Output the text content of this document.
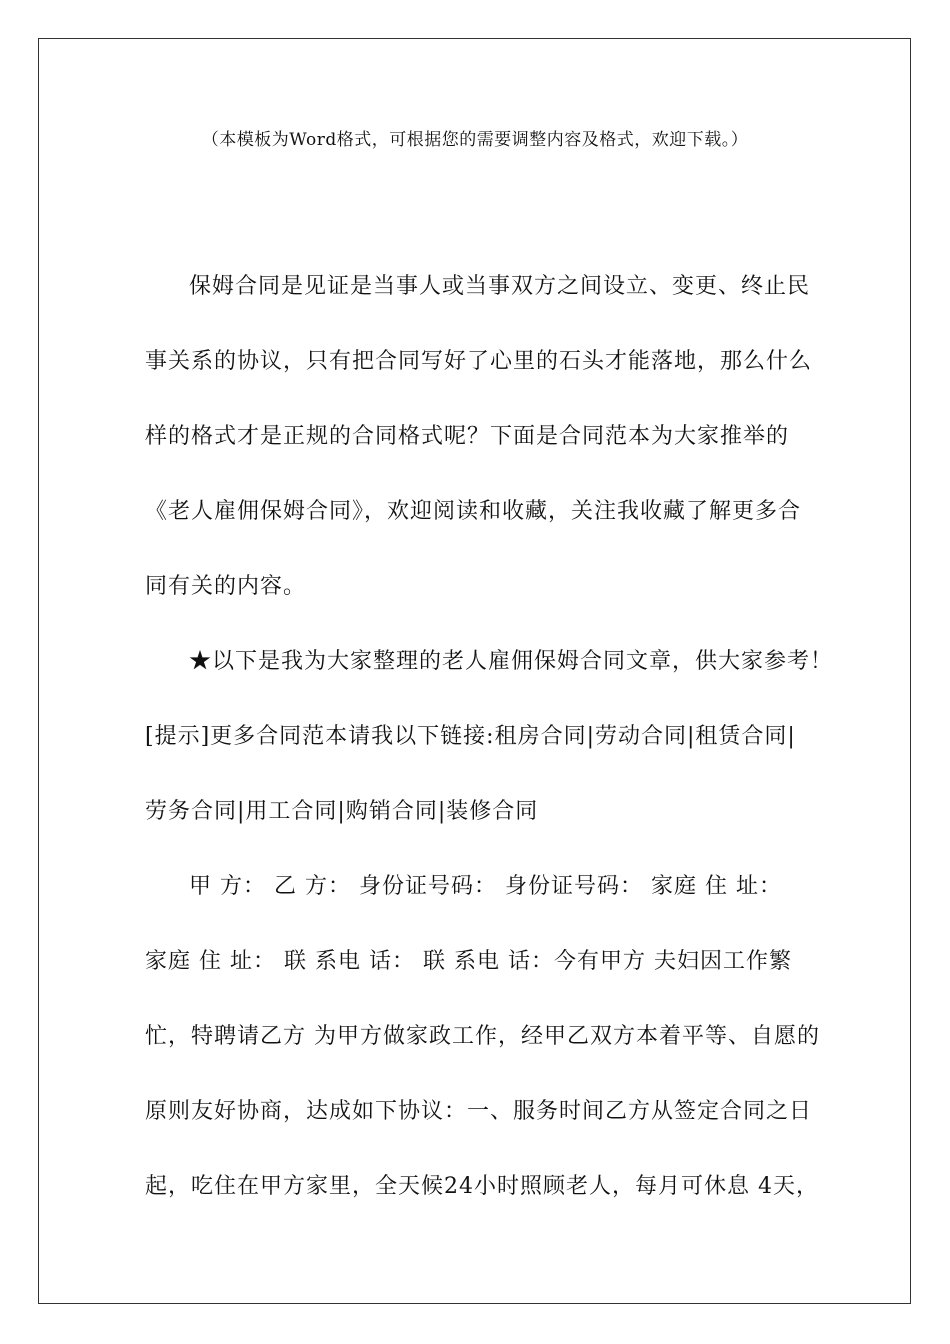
（本模板为Word格式，可根据您的需要调整内容及格式，欢迎下载。）
保姆合同是见证是当事人或当事双方之间设立、变更、终止民
事关系的协议，只有把合同写好了心里的石头才能落地，那么什么
样的格式才是正规的合同格式呢？下面是合同范本为大家推举的
《老人雇佣保姆合同》，欢迎阅读和收藏，关注我收藏了解更多合
同有关的内容。
★以下是我为大家整理的老人雇佣保姆合同文章，供大家参考！
[提示]更多合同范本请我以下链接:租房合同|劳动合同|租赁合同|
劳务合同|用工合同|购销合同|装修合同
甲 方： 乙 方： 身份证号码： 身份证号码： 家庭 住 址：
家庭 住 址： 联 系电 话： 联 系电 话：今有甲方 夫妇因工作繁
忙，特聘请乙方 为甲方做家政工作，经甲乙双方本着平等、自愿的
原则友好协商，达成如下协议：一、服务时间乙方从签定合同之日
起，吃住在甲方家里，全天候24小时照顾老人，每月可休息 4天，
